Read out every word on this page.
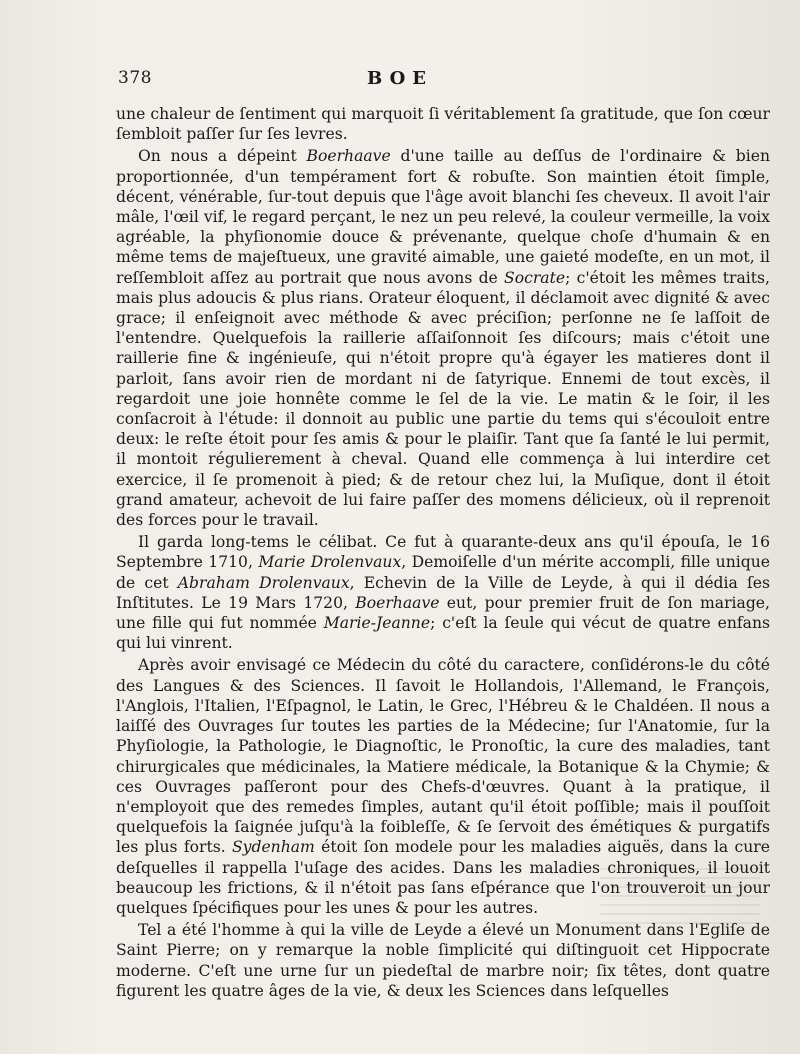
378	BOE

une chaleur de ſentiment qui marquoit ſi véritablement ſa gratitude, que ſon cœur ſembloit paſſer ſur ſes levres.

On nous a dépeint Boerhaave d'une taille au deſſus de l'ordinaire & bien proportionnée, d'un tempérament fort & robuſte. Son maintien étoit ſimple, décent, vénérable, ſur-tout depuis que l'âge avoit blanchi ſes cheveux. Il avoit l'air mâle, l'œil vif, le regard perçant, le nez un peu relevé, la couleur vermeille, la voix agréable, la phyſionomie douce & prévenante, quelque choſe d'humain & en même tems de majeſtueux, une gravité aimable, une gaieté modeſte, en un mot, il reſſembloit aſſez au portrait que nous avons de Socrate; c'étoit les mêmes traits, mais plus adoucis & plus rians. Orateur éloquent, il déclamoit avec dignité & avec grace; il enſeignoit avec méthode & avec préciſion; perſonne ne ſe laſſoit de l'entendre. Quelquefois la raillerie aſſaiſonnoit ſes diſcours; mais c'étoit une raillerie fine & ingénieuſe, qui n'étoit propre qu'à égayer les matieres dont il parloit, ſans avoir rien de mordant ni de ſatyrique. Ennemi de tout excès, il regardoit une joie honnête comme le ſel de la vie. Le matin & le ſoir, il les conſacroit à l'étude: il donnoit au public une partie du tems qui s'écouloit entre deux: le reſte étoit pour ſes amis & pour le plaiſir. Tant que ſa ſanté le lui permit, il montoit régulierement à cheval. Quand elle commença à lui interdire cet exercice, il ſe promenoit à pied; & de retour chez lui, la Muſique, dont il étoit grand amateur, achevoit de lui faire paſſer des momens délicieux, où il reprenoit des forces pour le travail.

Il garda long-tems le célibat. Ce fut à quarante-deux ans qu'il épouſa, le 16 Septembre 1710, Marie Drolenvaux, Demoiſelle d'un mérite accompli, fille unique de cet Abraham Drolenvaux, Echevin de la Ville de Leyde, à qui il dédia ſes Inſtitutes. Le 19 Mars 1720, Boerhaave eut, pour premier fruit de ſon mariage, une fille qui fut nommée Marie-Jeanne; c'eſt la ſeule qui vécut de quatre enfans qui lui vinrent.

Après avoir envisagé ce Médecin du côté du caractere, conſidérons-le du côté des Langues & des Sciences. Il ſavoit le Hollandois, l'Allemand, le François, l'Anglois, l'Italien, l'Eſpagnol, le Latin, le Grec, l'Hébreu & le Chaldéen. Il nous a laiſſé des Ouvrages ſur toutes les parties de la Médecine; ſur l'Anatomie, ſur la Phyſiologie, la Pathologie, le Diagnoſtic, le Pronoſtic, la cure des maladies, tant chirurgicales que médicinales, la Matiere médicale, la Botanique & la Chymie; & ces Ouvrages paſſeront pour des Chefs-d'œuvres. Quant à la pratique, il n'employoit que des remedes ſimples, autant qu'il étoit poſſible; mais il pouſſoit quelquefois la ſaignée juſqu'à la foibleſſe, & ſe ſervoit des émétiques & purgatifs les plus forts. Sydenham étoit ſon modele pour les maladies aiguës, dans la cure deſquelles il rappella l'uſage des acides. Dans les maladies chroniques, il louoit beaucoup les frictions, & il n'étoit pas ſans eſpérance que l'on trouveroit un jour quelques ſpécifiques pour les unes & pour les autres.

Tel a été l'homme à qui la ville de Leyde a élevé un Monument dans l'Egliſe de Saint Pierre; on y remarque la noble ſimplicité qui diſtinguoit cet Hippocrate moderne. C'eſt une urne ſur un piedeſtal de marbre noir; ſix têtes, dont quatre figurent les quatre âges de la vie, & deux les Sciences dans leſquelles
